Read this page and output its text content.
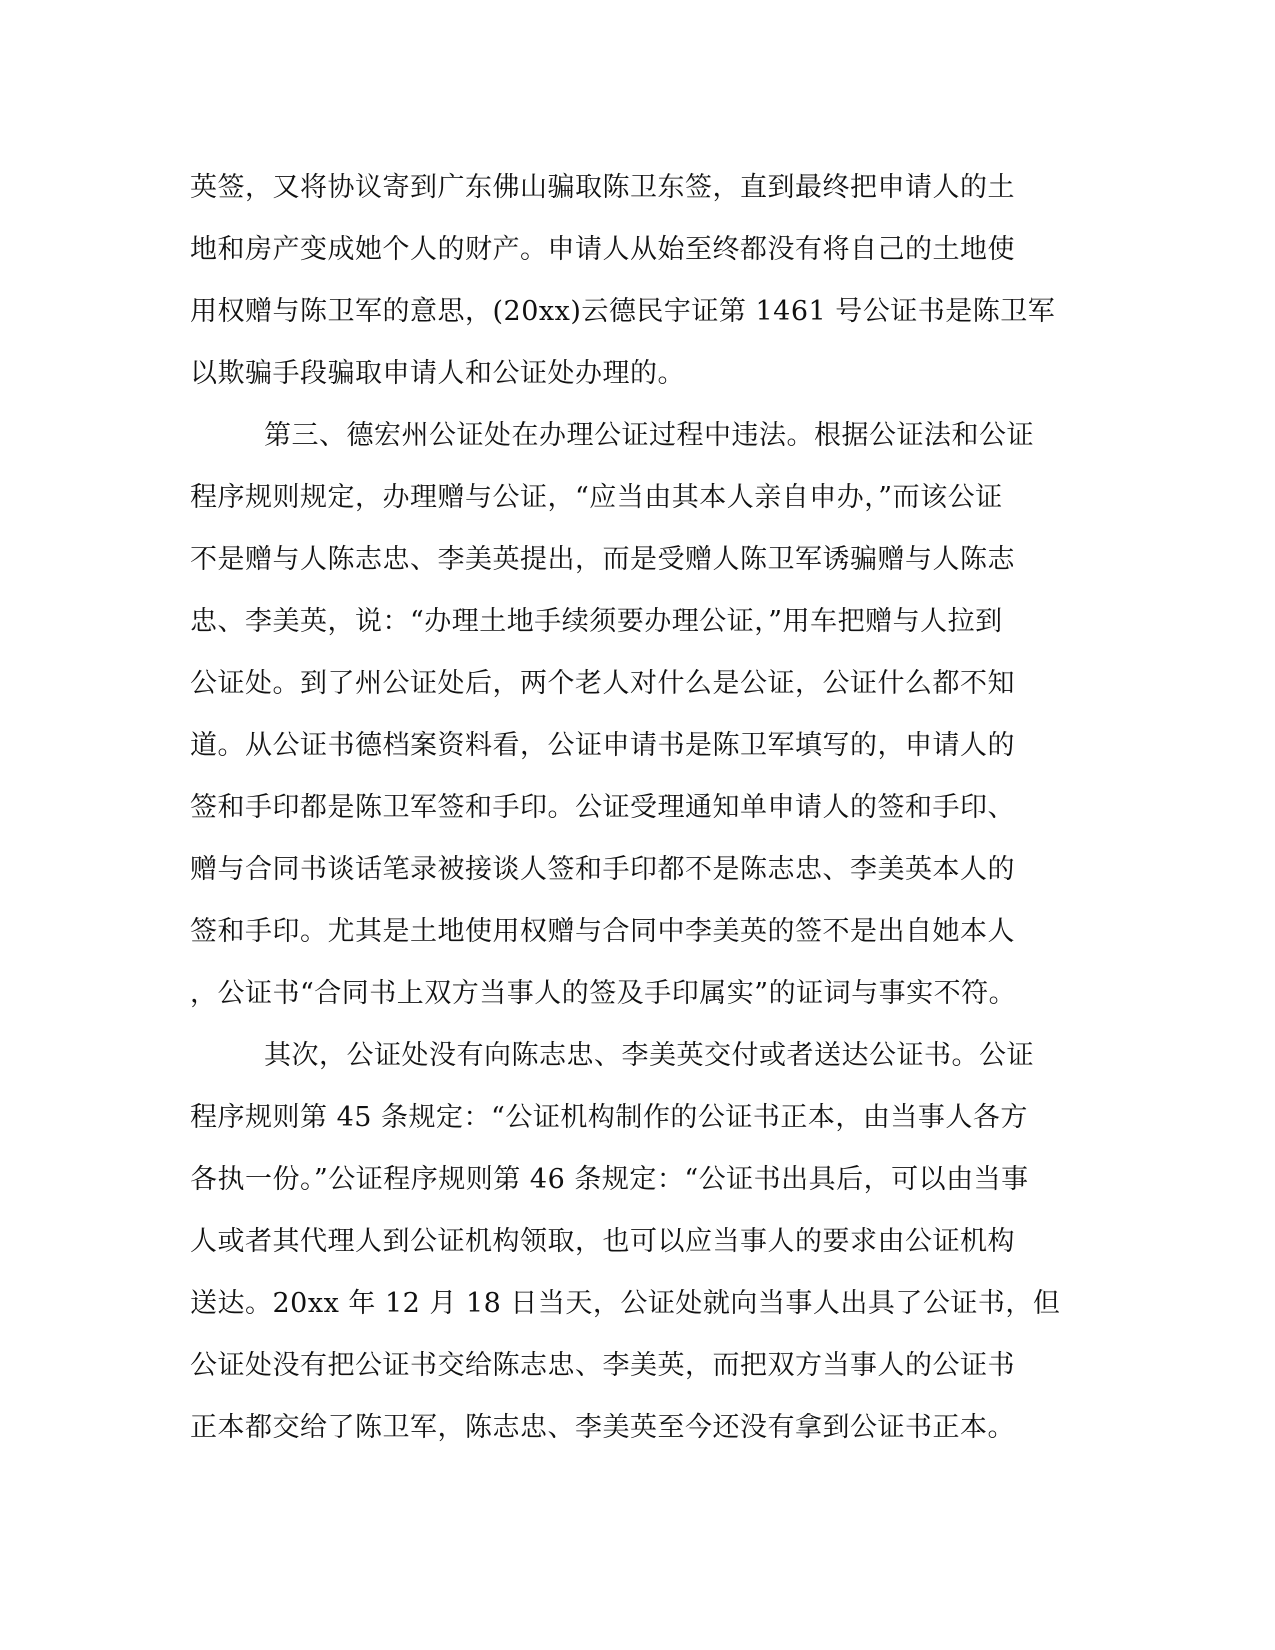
英签，又将协议寄到广东佛山骗取陈卫东签，直到最终把申请人的土
地和房产变成她个人的财产。申请人从始至终都没有将自己的土地使
用权赠与陈卫军的意思，(20xx)云德民宇证第 1461 号公证书是陈卫军
以欺骗手段骗取申请人和公证处办理的。
第三、德宏州公证处在办理公证过程中违法。根据公证法和公证
程序规则规定，办理赠与公证，“应当由其本人亲自申办，”而该公证
不是赠与人陈志忠、李美英提出，而是受赠人陈卫军诱骗赠与人陈志
忠、李美英，说：“办理土地手续须要办理公证，”用车把赠与人拉到
公证处。到了州公证处后，两个老人对什么是公证，公证什么都不知
道。从公证书德档案资料看，公证申请书是陈卫军填写的，申请人的
签和手印都是陈卫军签和手印。公证受理通知单申请人的签和手印、
赠与合同书谈话笔录被接谈人签和手印都不是陈志忠、李美英本人的
签和手印。尤其是土地使用权赠与合同中李美英的签不是出自她本人
，公证书“合同书上双方当事人的签及手印属实”的证词与事实不符。
其次，公证处没有向陈志忠、李美英交付或者送达公证书。公证
程序规则第 45 条规定：“公证机构制作的公证书正本，由当事人各方
各执一份。”公证程序规则第 46 条规定：“公证书出具后，可以由当事
人或者其代理人到公证机构领取，也可以应当事人的要求由公证机构
送达。20xx 年 12 月 18 日当天，公证处就向当事人出具了公证书，但
公证处没有把公证书交给陈志忠、李美英，而把双方当事人的公证书
正本都交给了陈卫军，陈志忠、李美英至今还没有拿到公证书正本。
